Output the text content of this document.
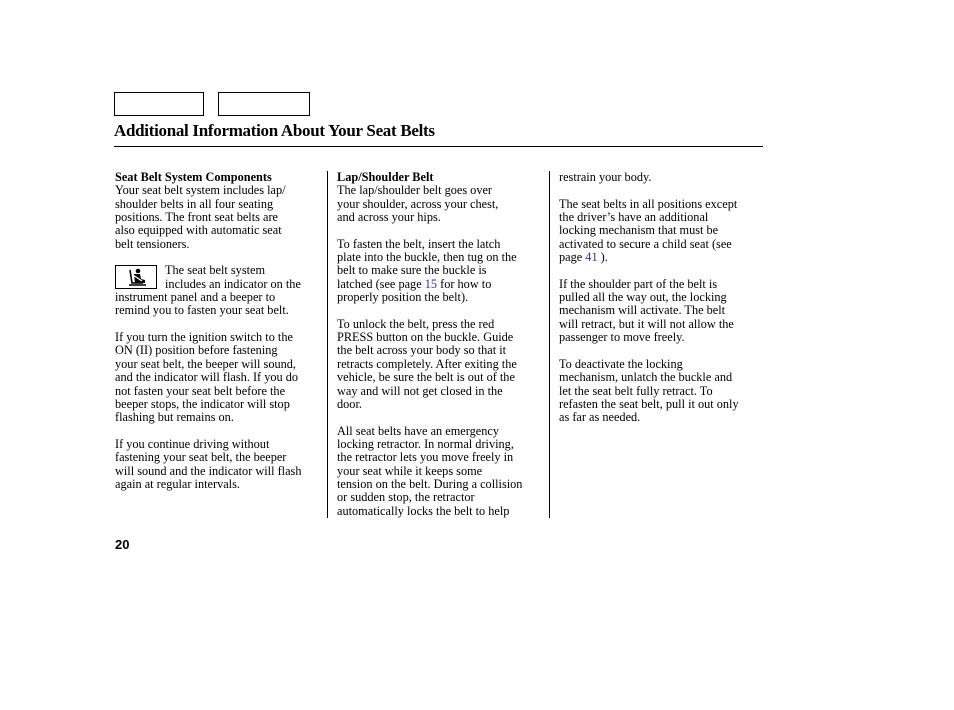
Additional Information About Your Seat Belts

Seat Belt System Components
Your seat belt system includes lap/
shoulder belts in all four seating
positions. The front seat belts are
also equipped with automatic seat
belt tensioners.

The seat belt system
includes an indicator on the
instrument panel and a beeper to
remind you to fasten your seat belt.

If you turn the ignition switch to the
ON (II) position before fastening
your seat belt, the beeper will sound,
and the indicator will flash. If you do
not fasten your seat belt before the
beeper stops, the indicator will stop
flashing but remains on.

If you continue driving without
fastening your seat belt, the beeper
will sound and the indicator will flash
again at regular intervals.

Lap/Shoulder Belt
The lap/shoulder belt goes over
your shoulder, across your chest,
and across your hips.

To fasten the belt, insert the latch
plate into the buckle, then tug on the
belt to make sure the buckle is
latched (see page 15 for how to
properly position the belt).

To unlock the belt, press the red
PRESS button on the buckle. Guide
the belt across your body so that it
retracts completely. After exiting the
vehicle, be sure the belt is out of the
way and will not get closed in the
door.

All seat belts have an emergency
locking retractor. In normal driving,
the retractor lets you move freely in
your seat while it keeps some
tension on the belt. During a collision
or sudden stop, the retractor
automatically locks the belt to help

restrain your body.

The seat belts in all positions except
the driver’s have an additional
locking mechanism that must be
activated to secure a child seat (see
page 41 ).

If the shoulder part of the belt is
pulled all the way out, the locking
mechanism will activate. The belt
will retract, but it will not allow the
passenger to move freely.

To deactivate the locking
mechanism, unlatch the buckle and
let the seat belt fully retract. To
refasten the seat belt, pull it out only
as far as needed.

20
